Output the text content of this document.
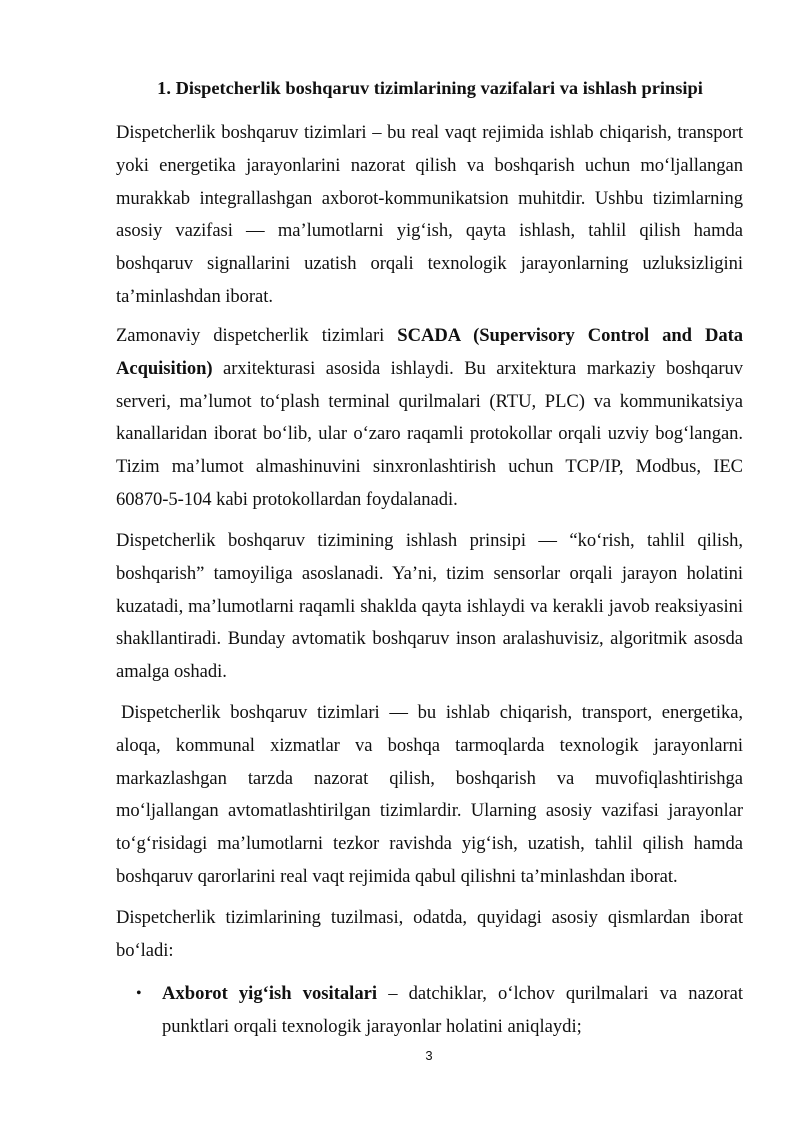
1. Dispetcherlik boshqaruv tizimlarining vazifalari va ishlash prinsipi

Dispetcherlik boshqaruv tizimlari – bu real vaqt rejimida ishlab chiqarish, transport yoki energetika jarayonlarini nazorat qilish va boshqarish uchun mo‘ljallangan murakkab integrallashgan axborot-kommunikatsion muhitdir. Ushbu tizimlarning asosiy vazifasi — ma’lumotlarni yig‘ish, qayta ishlash, tahlil qilish hamda boshqaruv signallarini uzatish orqali texnologik jarayonlarning uzluksizligini ta’minlashdan iborat.

Zamonaviy dispetcherlik tizimlari SCADA (Supervisory Control and Data Acquisition) arxitekturasi asosida ishlaydi. Bu arxitektura markaziy boshqaruv serveri, ma’lumot to‘plash terminal qurilmalari (RTU, PLC) va kommunikatsiya kanallaridan iborat bo‘lib, ular o‘zaro raqamli protokollar orqali uzviy bog‘langan. Tizim ma’lumot almashinuvini sinxronlashtirish uchun TCP/IP, Modbus, IEC 60870-5-104 kabi protokollardan foydalanadi.

Dispetcherlik boshqaruv tizimining ishlash prinsipi — “ko‘rish, tahlil qilish, boshqarish” tamoyiliga asoslanadi. Ya’ni, tizim sensorlar orqali jarayon holatini kuzatadi, ma’lumotlarni raqamli shaklda qayta ishlaydi va kerakli javob reaksiyasini shakllantiradi. Bunday avtomatik boshqaruv inson aralashuvisiz, algoritmik asosda amalga oshadi.

Dispetcherlik boshqaruv tizimlari — bu ishlab chiqarish, transport, energetika, aloqa, kommunal xizmatlar va boshqa tarmoqlarda texnologik jarayonlarni markazlashgan tarzda nazorat qilish, boshqarish va muvofiqlashtirishga mo‘ljallangan avtomatlashtirilgan tizimlardir. Ularning asosiy vazifasi jarayonlar to‘g‘risidagi ma’lumotlarni tezkor ravishda yig‘ish, uzatish, tahlil qilish hamda boshqaruv qarorlarini real vaqt rejimida qabul qilishni ta’minlashdan iborat.

Dispetcherlik tizimlarining tuzilmasi, odatda, quyidagi asosiy qismlardan iborat bo‘ladi:

• Axborot yig‘ish vositalari – datchiklar, o‘lchov qurilmalari va nazorat punktlari orqali texnologik jarayonlar holatini aniqlaydi;
3
